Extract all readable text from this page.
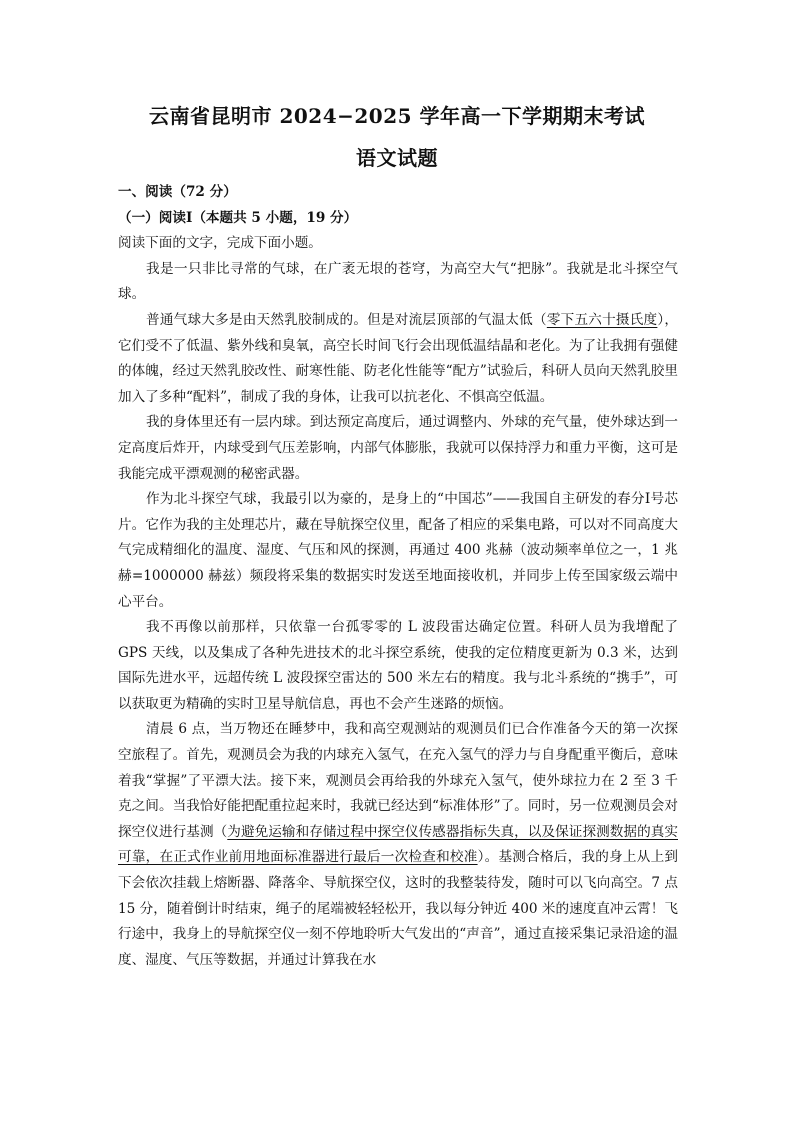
云南省昆明市 2024−2025 学年高一下学期期末考试
语文试题

一、阅读（72 分）

（一）阅读Ⅰ（本题共 5 小题，19 分）

阅读下面的文字，完成下面小题。

我是一只非比寻常的气球，在广袤无垠的苍穹，为高空大气“把脉”。我就是北斗探空气球。

普通气球大多是由天然乳胶制成的。但是对流层顶部的气温太低（零下五六十摄氏度），它们受不了低温、紫外线和臭氧，高空长时间飞行会出现低温结晶和老化。为了让我拥有强健的体魄，经过天然乳胶改性、耐寒性能、防老化性能等“配方”试验后，科研人员向天然乳胶里加入了多种“配料”，制成了我的身体，让我可以抗老化、不惧高空低温。

我的身体里还有一层内球。到达预定高度后，通过调整内、外球的充气量，使外球达到一定高度后炸开，内球受到气压差影响，内部气体膨胀，我就可以保持浮力和重力平衡，这可是我能完成平漂观测的秘密武器。

作为北斗探空气球，我最引以为豪的，是身上的“中国芯”——我国自主研发的春分Ⅰ号芯片。它作为我的主处理芯片，藏在导航探空仪里，配备了相应的采集电路，可以对不同高度大气完成精细化的温度、湿度、气压和风的探测，再通过 400 兆赫（波动频率单位之一，1 兆赫=1000000 赫兹）频段将采集的数据实时发送至地面接收机，并同步上传至国家级云端中心平台。

我不再像以前那样，只依靠一台孤零零的 L 波段雷达确定位置。科研人员为我增配了 GPS 天线，以及集成了各种先进技术的北斗探空系统，使我的定位精度更新为 0.3 米，达到国际先进水平，远超传统 L 波段探空雷达的 500 米左右的精度。我与北斗系统的“携手”，可以获取更为精确的实时卫星导航信息，再也不会产生迷路的烦恼。

清晨 6 点，当万物还在睡梦中，我和高空观测站的观测员们已合作准备今天的第一次探空旅程了。首先，观测员会为我的内球充入氢气，在充入氢气的浮力与自身配重平衡后，意味着我“掌握”了平漂大法。接下来，观测员会再给我的外球充入氢气，使外球拉力在 2 至 3 千克之间。当我恰好能把配重拉起来时，我就已经达到“标准体形”了。同时，另一位观测员会对探空仪进行基测（为避免运输和存储过程中探空仪传感器指标失真，以及保证探测数据的真实可靠，在正式作业前用地面标准器进行最后一次检查和校准）。基测合格后，我的身上从上到下会依次挂载上熔断器、降落伞、导航探空仪，这时的我整装待发，随时可以飞向高空。7 点 15 分，随着倒计时结束，绳子的尾端被轻轻松开，我以每分钟近 400 米的速度直冲云霄！飞行途中，我身上的导航探空仪一刻不停地聆听大气发出的“声音”，通过直接采集记录沿途的温度、湿度、气压等数据，并通过计算我在水
